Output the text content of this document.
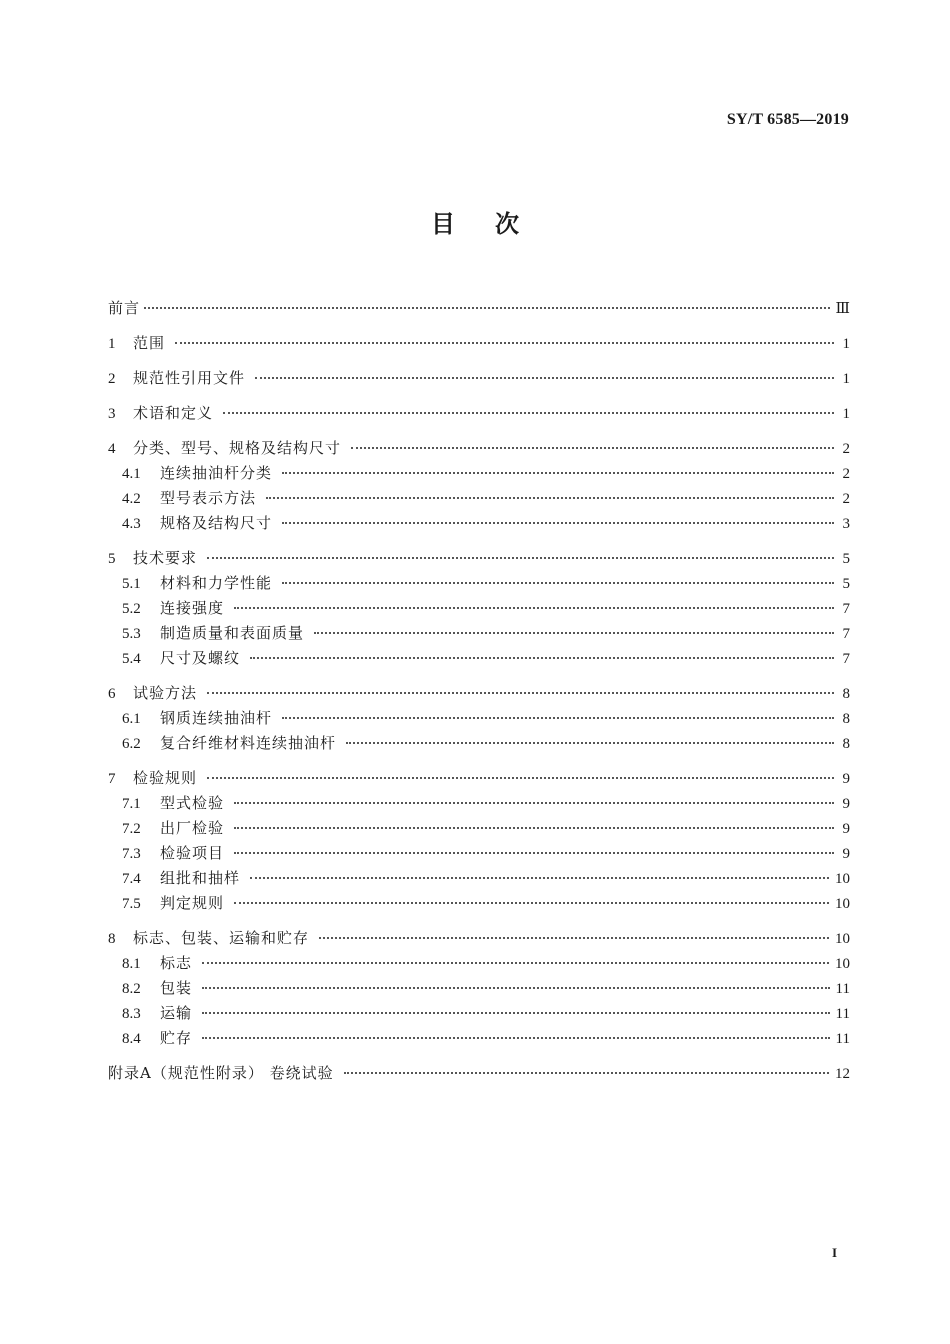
SY/T 6585—2019
目次
前言	Ⅲ
1	范围	1
2	规范性引用文件	1
3	术语和定义	1
4	分类、型号、规格及结构尺寸	2
4.1	连续抽油杆分类	2
4.2	型号表示方法	2
4.3	规格及结构尺寸	3
5	技术要求	5
5.1	材料和力学性能	5
5.2	连接强度	7
5.3	制造质量和表面质量	7
5.4	尺寸及螺纹	7
6	试验方法	8
6.1	钢质连续抽油杆	8
6.2	复合纤维材料连续抽油杆	8
7	检验规则	9
7.1	型式检验	9
7.2	出厂检验	9
7.3	检验项目	9
7.4	组批和抽样	10
7.5	判定规则	10
8	标志、包装、运输和贮存	10
8.1	标志	10
8.2	包装	11
8.3	运输	11
8.4	贮存	11
附录A（规范性附录） 卷绕试验	12
I
